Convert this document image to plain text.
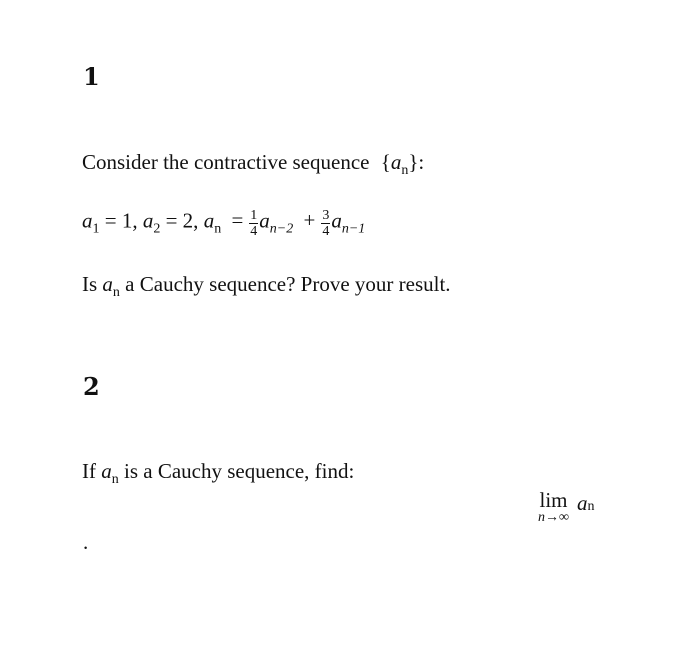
1
Consider the contractive sequence $\{a_n\}$:
$a_1 = 1$, $a_2 = 2$, $a_n = \frac{1}{4} a_{n-2} + \frac{3}{4} a_{n-1}$
Is $a_n$ a Cauchy sequence? Prove your result.
2
If $a_n$ is a Cauchy sequence, find:
lim
n→∞
$a^n$
.
